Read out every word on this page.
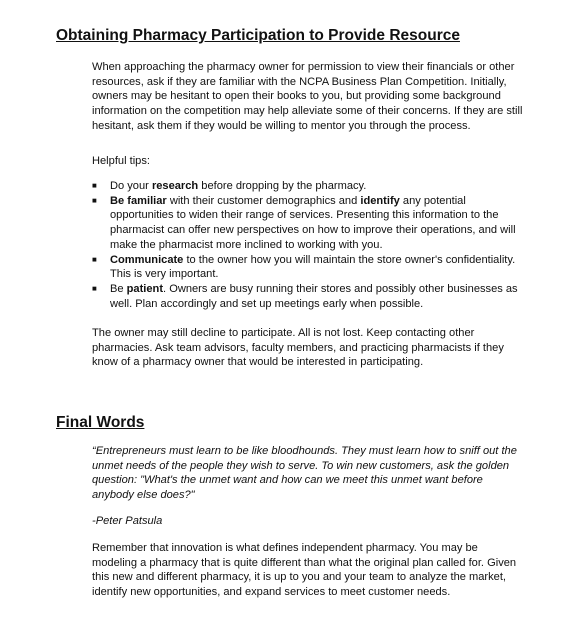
Obtaining Pharmacy Participation to Provide Resource

When approaching the pharmacy owner for permission to view their financials or other resources, ask if they are familiar with the NCPA Business Plan Competition. Initially, owners may be hesitant to open their books to you, but providing some background information on the competition may help alleviate some of their concerns. If they are still hesitant, ask them if they would be willing to mentor you through the process.

Helpful tips:

■ Do your research before dropping by the pharmacy.
■ Be familiar with their customer demographics and identify any potential opportunities to widen their range of services. Presenting this information to the pharmacist can offer new perspectives on how to improve their operations, and will make the pharmacist more inclined to working with you.
■ Communicate to the owner how you will maintain the store owner's confidentiality. This is very important.
■ Be patient. Owners are busy running their stores and possibly other businesses as well. Plan accordingly and set up meetings early when possible.

The owner may still decline to participate. All is not lost. Keep contacting other pharmacies. Ask team advisors, faculty members, and practicing pharmacists if they know of a pharmacy owner that would be interested in participating.

Final Words

“Entrepreneurs must learn to be like bloodhounds. They must learn how to sniff out the unmet needs of the people they wish to serve. To win new customers, ask the golden question: "What's the unmet want and how can we meet this unmet want before anybody else does?"

-Peter Patsula

Remember that innovation is what defines independent pharmacy. You may be modeling a pharmacy that is quite different than what the original plan called for. Given this new and different pharmacy, it is up to you and your team to analyze the market, identify new opportunities, and expand services to meet customer needs.
